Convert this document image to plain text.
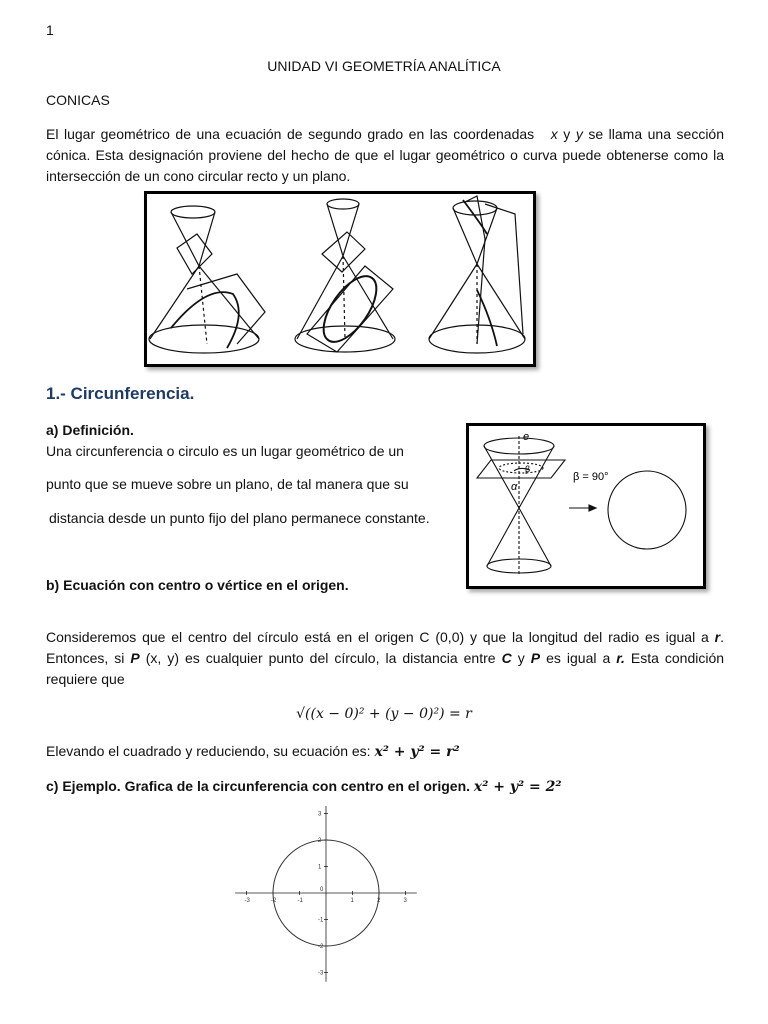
1
UNIDAD VI GEOMETRÍA ANALÍTICA
CONICAS
El lugar geométrico de una ecuación de segundo grado en las coordenadas x y y se llama una sección cónica. Esta designación proviene del hecho de que el lugar geométrico o curva puede obtenerse como la intersección de un cono circular recto y un plano.
1.- Circunferencia.
a) Definición.
Una circunferencia o circulo es un lugar geométrico de un
punto que se mueve sobre un plano, de tal manera que su
distancia desde un punto fijo del plano permanece constante.
e
β = 90°
α
β
b) Ecuación con centro o vértice en el origen.
Consideremos que el centro del círculo está en el origen C (0,0) y que la longitud del radio es igual a r. Entonces, si P (x, y) es cualquier punto del círculo, la distancia entre C y P es igual a r. Esta condición requiere que
√((x − 0)² + (y − 0)²) = r
Elevando el cuadrado y reduciendo, su ecuación es: x² + y² = r²
c) Ejemplo. Grafica de la circunferencia con centro en el origen. x² + y² = 2²
-3	-2	-1	1	2	3
3
2
1
-1
-2
-3
0
